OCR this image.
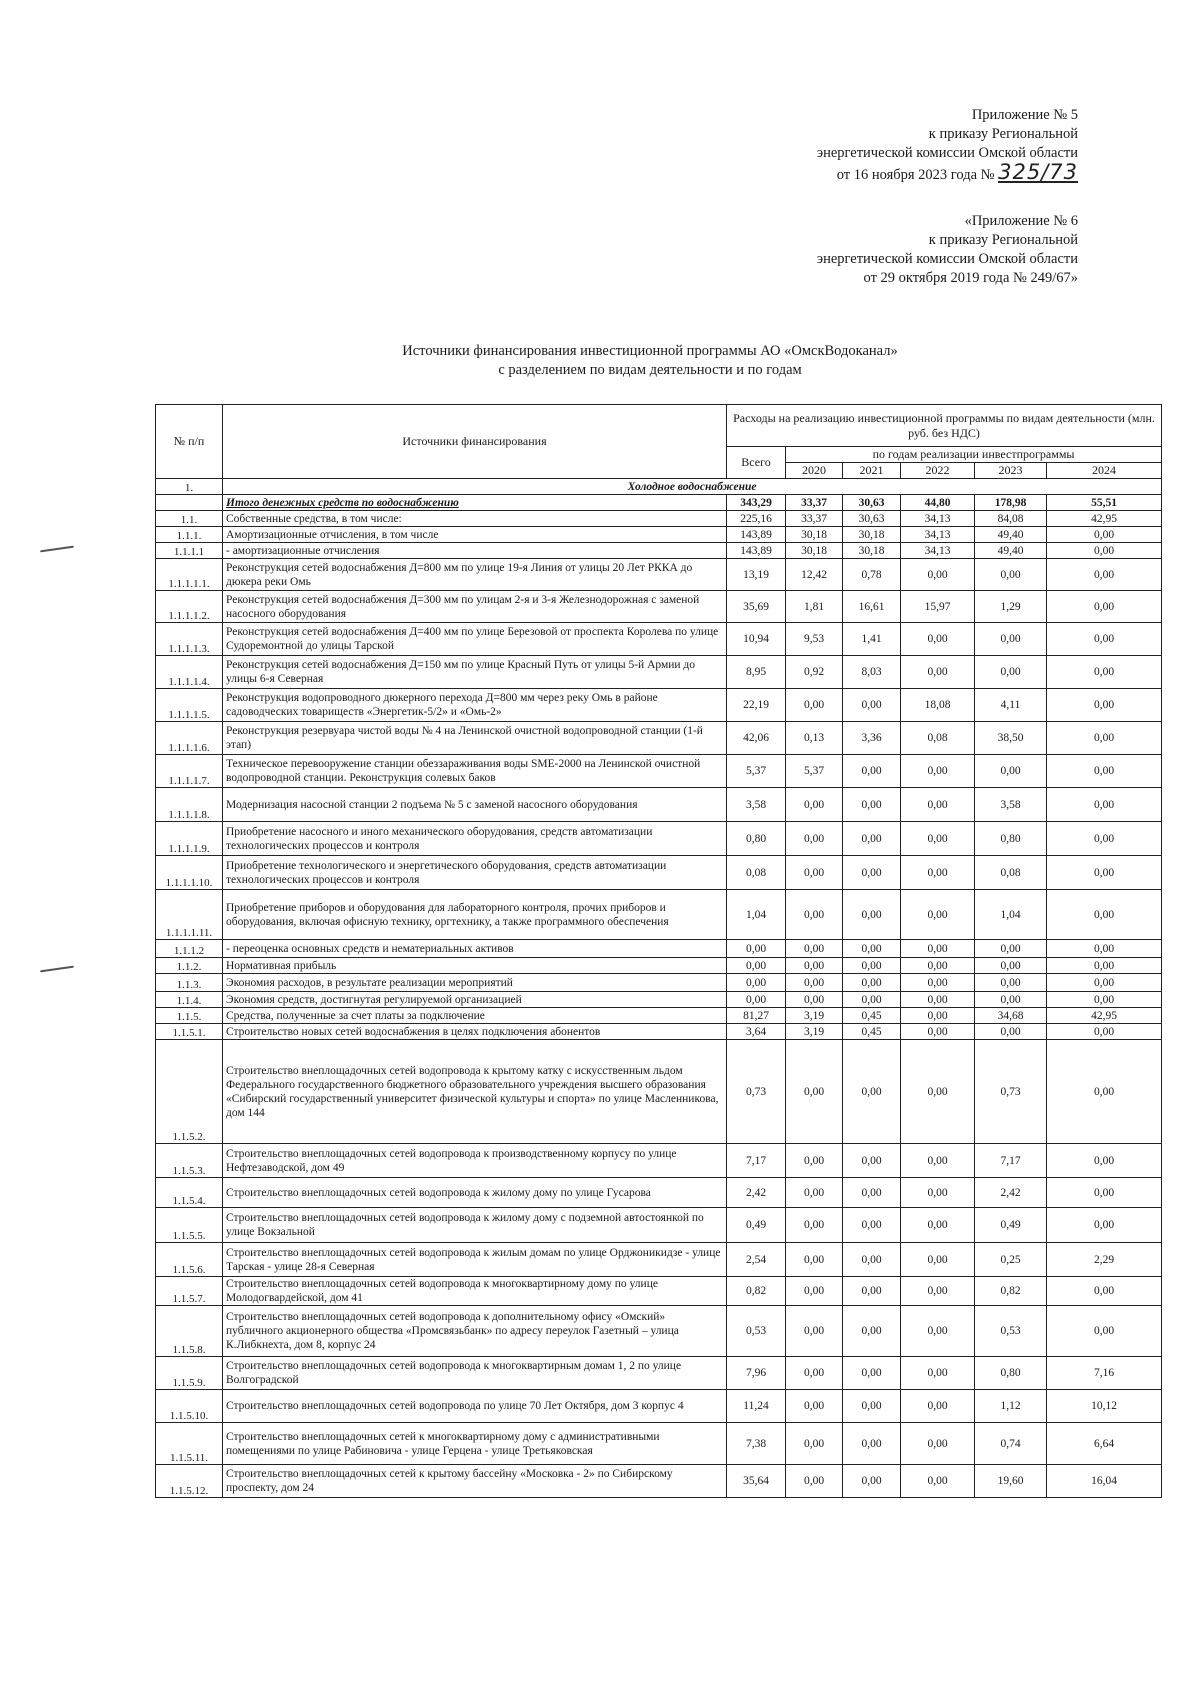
Приложение № 5
к приказу Региональной
энергетической комиссии Омской области
от 16 ноября 2023 года № 325/73
«Приложение № 6
к приказу Региональной
энергетической комиссии Омской области
от 29 октября 2019 года № 249/67»
Источники финансирования инвестиционной программы АО «ОмскВодоканал»
с разделением по видам деятельности и по годам
№ п/п	Источники финансирования	Расходы на реализацию инвестиционной программы по видам деятельности (млн. руб. без НДС)					
		Всего	по годам реализации инвестпрограммы				
			2020	2021	2022	2023	2024
1.	Холодное водоснабжение						
	Итого денежных средств по водоснабжению	343,29	33,37	30,63	44,80	178,98	55,51
1.1.	Собственные средства, в том числе:	225,16	33,37	30,63	34,13	84,08	42,95
1.1.1.	Амортизационные отчисления, в том числе	143,89	30,18	30,18	34,13	49,40	0,00
1.1.1.1	- амортизационные отчисления	143,89	30,18	30,18	34,13	49,40	0,00
1.1.1.1.1.	Реконструкция сетей водоснабжения Д=800 мм по улице 19-я Линия от улицы 20 Лет РККА до дюкера реки Омь	13,19	12,42	0,78	0,00	0,00	0,00
1.1.1.1.2.	Реконструкция сетей водоснабжения Д=300 мм по улицам 2-я и 3-я Железнодорожная с заменой насосного оборудования	35,69	1,81	16,61	15,97	1,29	0,00
1.1.1.1.3.	Реконструкция сетей водоснабжения Д=400 мм по улице Березовой от проспекта Королева по улице Судоремонтной до улицы Тарской	10,94	9,53	1,41	0,00	0,00	0,00
1.1.1.1.4.	Реконструкция сетей водоснабжения Д=150 мм по улице Красный Путь от улицы 5-й Армии до улицы 6-я Северная	8,95	0,92	8,03	0,00	0,00	0,00
1.1.1.1.5.	Реконструкция водопроводного дюкерного перехода Д=800 мм через реку Омь в районе садоводческих товариществ «Энергетик-5/2» и «Омь-2»	22,19	0,00	0,00	18,08	4,11	0,00
1.1.1.1.6.	Реконструкция резервуара чистой воды № 4 на Ленинской очистной водопроводной станции (1-й этап)	42,06	0,13	3,36	0,08	38,50	0,00
1.1.1.1.7.	Техническое перевооружение станции обеззараживания воды SME-2000 на Ленинской очистной водопроводной станции. Реконструкция солевых баков	5,37	5,37	0,00	0,00	0,00	0,00
1.1.1.1.8.	Модернизация насосной станции 2 подъема № 5 с заменой насосного оборудования	3,58	0,00	0,00	0,00	3,58	0,00
1.1.1.1.9.	Приобретение насосного и иного механического оборудования, средств автоматизации технологических процессов и контроля	0,80	0,00	0,00	0,00	0,80	0,00
1.1.1.1.10.	Приобретение технологического и энергетического оборудования, средств автоматизации технологических процессов и контроля	0,08	0,00	0,00	0,00	0,08	0,00
1.1.1.1.11.	Приобретение приборов и оборудования для лабораторного контроля, прочих приборов и оборудования, включая офисную технику, оргтехнику, а также программного обеспечения	1,04	0,00	0,00	0,00	1,04	0,00
1.1.1.2	- переоценка основных средств и нематериальных активов	0,00	0,00	0,00	0,00	0,00	0,00
1.1.2.	Нормативная прибыль	0,00	0,00	0,00	0,00	0,00	0,00
1.1.3.	Экономия расходов, в результате реализации мероприятий	0,00	0,00	0,00	0,00	0,00	0,00
1.1.4.	Экономия средств, достигнутая регулируемой организацией	0,00	0,00	0,00	0,00	0,00	0,00
1.1.5.	Средства, полученные за счет платы за подключение	81,27	3,19	0,45	0,00	34,68	42,95
1.1.5.1.	Строительство новых сетей водоснабжения в целях подключения абонентов	3,64	3,19	0,45	0,00	0,00	0,00
1.1.5.2.	Строительство внеплощадочных сетей водопровода к крытому катку с искусственным льдом Федерального государственного бюджетного образовательного учреждения высшего образования «Сибирский государственный университет физической культуры и спорта» по улице Масленникова, дом 144	0,73	0,00	0,00	0,00	0,73	0,00
1.1.5.3.	Строительство внеплощадочных сетей водопровода к производственному корпусу по улице Нефтезаводской, дом 49	7,17	0,00	0,00	0,00	7,17	0,00
1.1.5.4.	Строительство внеплощадочных сетей водопровода к жилому дому по улице Гусарова	2,42	0,00	0,00	0,00	2,42	0,00
1.1.5.5.	Строительство внеплощадочных сетей водопровода к жилому дому с подземной автостоянкой по улице Вокзальной	0,49	0,00	0,00	0,00	0,49	0,00
1.1.5.6.	Строительство внеплощадочных сетей водопровода к жилым домам по улице Орджоникидзе - улице Тарская - улице 28-я Северная	2,54	0,00	0,00	0,00	0,25	2,29
1.1.5.7.	Строительство внеплощадочных сетей водопровода к многоквартирному дому по улице Молодогвардейской, дом 41	0,82	0,00	0,00	0,00	0,82	0,00
1.1.5.8.	Строительство внеплощадочных сетей водопровода к дополнительному офису «Омский» публичного акционерного общества «Промсвязьбанк» по адресу переулок Газетный – улица К.Либкнехта, дом 8, корпус 24	0,53	0,00	0,00	0,00	0,53	0,00
1.1.5.9.	Строительство внеплощадочных сетей водопровода к многоквартирным домам 1, 2 по улице Волгоградской	7,96	0,00	0,00	0,00	0,80	7,16
1.1.5.10.	Строительство внеплощадочных сетей водопровода по улице 70 Лет Октября, дом 3 корпус 4	11,24	0,00	0,00	0,00	1,12	10,12
1.1.5.11.	Строительство внеплощадочных сетей к многоквартирному дому с административными помещениями по улице Рабиновича - улице Герцена - улице Третьяковская	7,38	0,00	0,00	0,00	0,74	6,64
1.1.5.12.	Строительство внеплощадочных сетей к крытому бассейну «Московка - 2» по Сибирскому проспекту, дом 24	35,64	0,00	0,00	0,00	19,60	16,04
